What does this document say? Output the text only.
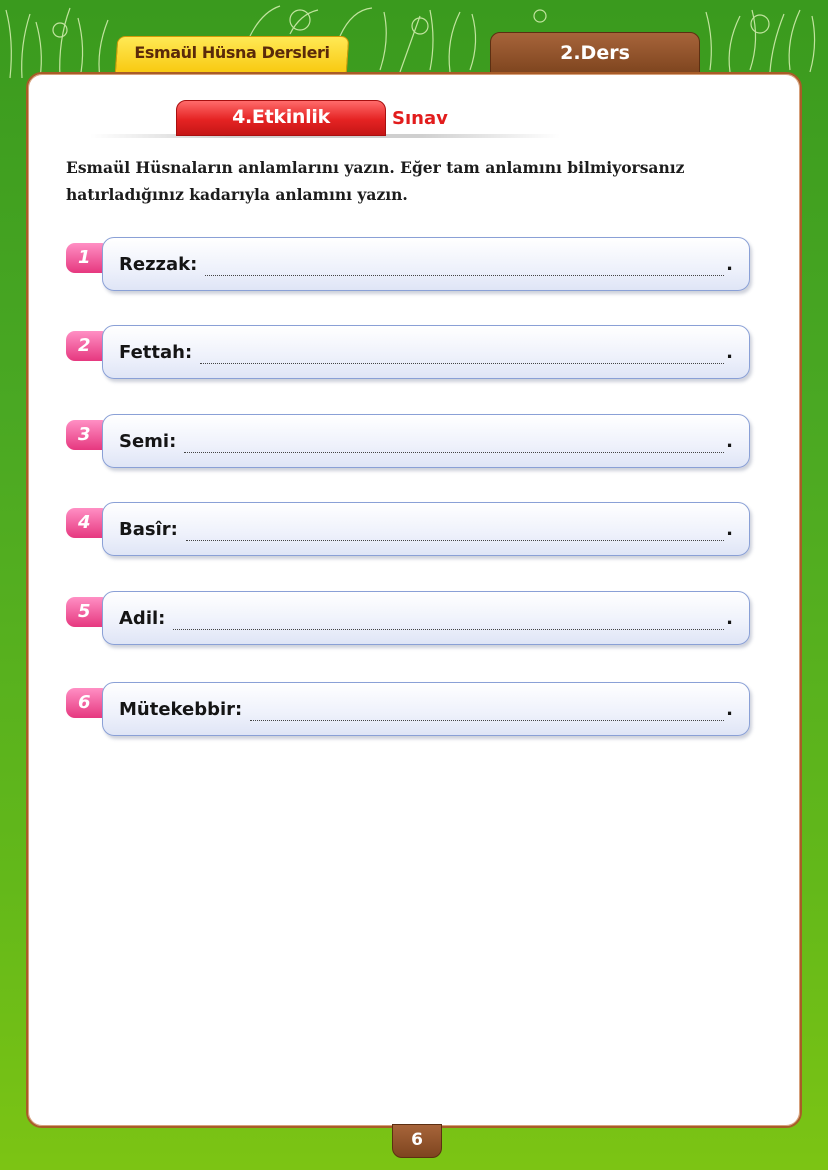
Esmaül Hüsna Dersleri	2.Ders
4.Etkinlik	Sınav
Esmaül Hüsnaların anlamlarını yazın. Eğer tam anlamını bilmiyorsanız hatırladığınız kadarıyla anlamını yazın.
1	Rezzak:	.
2	Fettah:	.
3	Semi:	.
4	Basîr:	.
5	Adil:	.
6	Mütekebbir:	.
6
